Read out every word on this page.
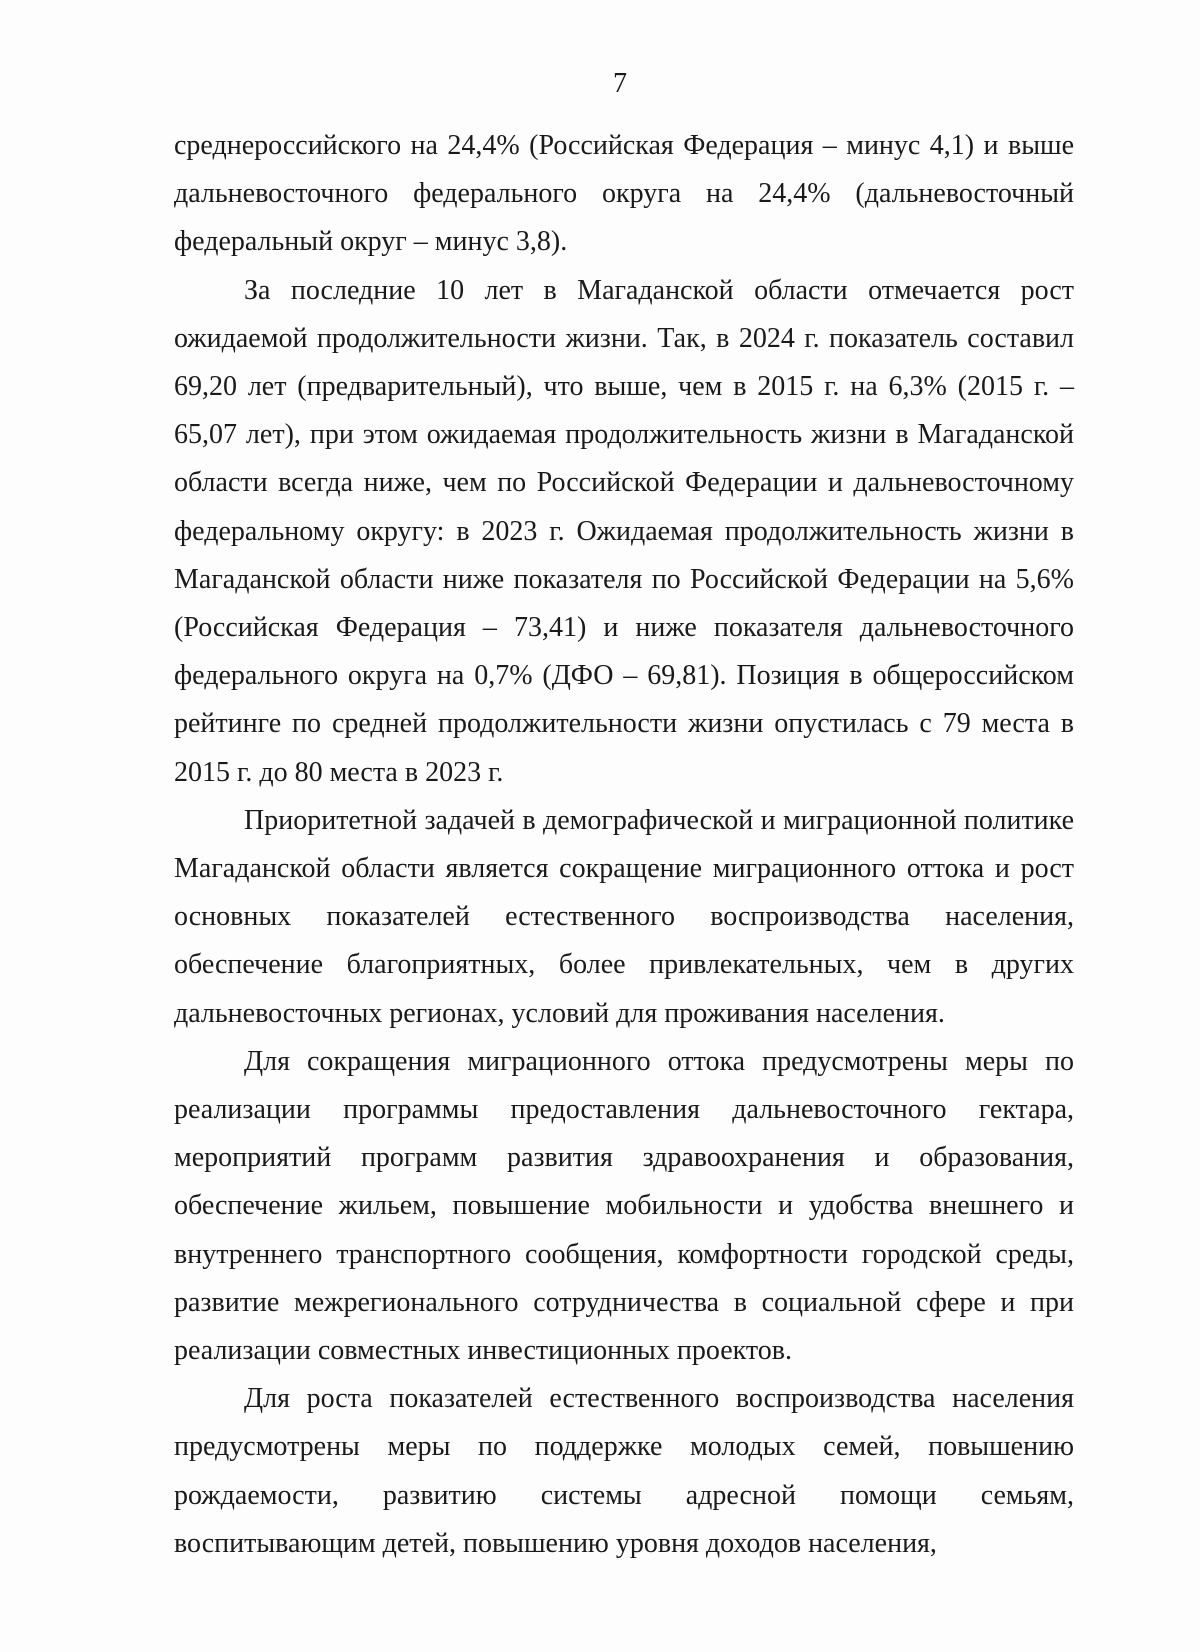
7

среднероссийского на 24,4% (Российская Федерация – минус 4,1) и выше дальневосточного федерального округа на 24,4% (дальневосточный федеральный округ – минус 3,8).

За последние 10 лет в Магаданской области отмечается рост ожидаемой продолжительности жизни. Так, в 2024 г. показатель составил 69,20 лет (предварительный), что выше, чем в 2015 г. на 6,3% (2015 г. – 65,07 лет), при этом ожидаемая продолжительность жизни в Магаданской области всегда ниже, чем по Российской Федерации и дальневосточному федеральному округу: в 2023 г. Ожидаемая продолжительность жизни в Магаданской области ниже показателя по Российской Федерации на 5,6% (Российская Федерация – 73,41) и ниже показателя дальневосточного федерального округа на 0,7% (ДФО – 69,81). Позиция в общероссийском рейтинге по средней продолжительности жизни опустилась с 79 места в 2015 г. до 80 места в 2023 г.

Приоритетной задачей в демографической и миграционной политике Магаданской области является сокращение миграционного оттока и рост основных показателей естественного воспроизводства населения, обеспечение благоприятных, более привлекательных, чем в других дальневосточных регионах, условий для проживания населения.

Для сокращения миграционного оттока предусмотрены меры по реализации программы предоставления дальневосточного гектара, мероприятий программ развития здравоохранения и образования, обеспечение жильем, повышение мобильности и удобства внешнего и внутреннего транспортного сообщения, комфортности городской среды, развитие межрегионального сотрудничества в социальной сфере и при реализации совместных инвестиционных проектов.

Для роста показателей естественного воспроизводства населения предусмотрены меры по поддержке молодых семей, повышению рождаемости, развитию системы адресной помощи семьям, воспитывающим детей, повышению уровня доходов населения,
